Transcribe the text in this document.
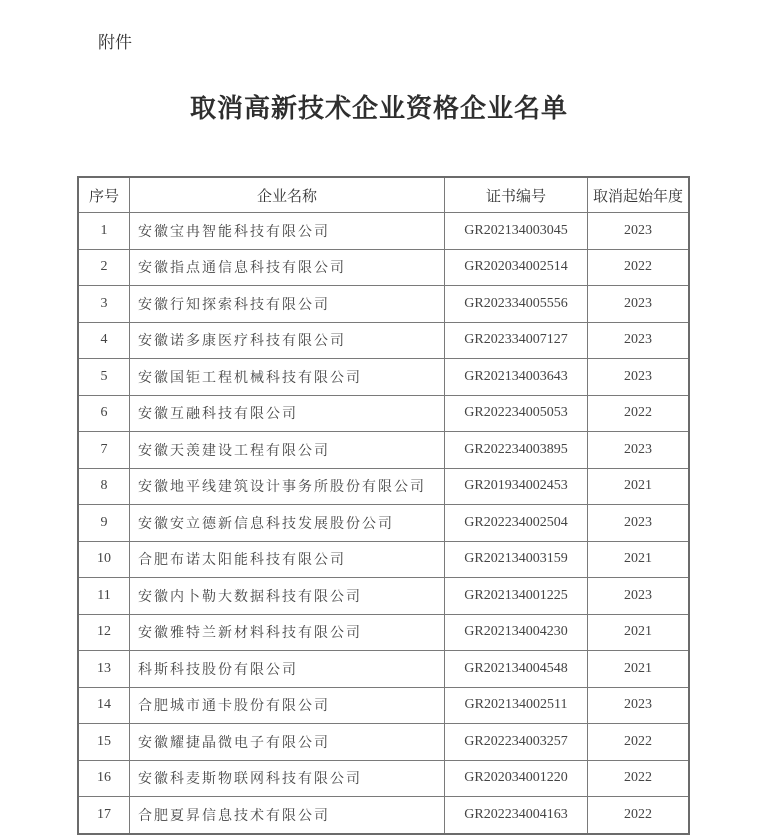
附件
取消高新技术企业资格企业名单
序号	企业名称	证书编号	取消起始年度
1	安徽宝冉智能科技有限公司	GR202134003045	2023
2	安徽指点通信息科技有限公司	GR202034002514	2022
3	安徽行知探索科技有限公司	GR202334005556	2023
4	安徽诺多康医疗科技有限公司	GR202334007127	2023
5	安徽国钜工程机械科技有限公司	GR202134003643	2023
6	安徽互融科技有限公司	GR202234005053	2022
7	安徽天羡建设工程有限公司	GR202234003895	2023
8	安徽地平线建筑设计事务所股份有限公司	GR201934002453	2021
9	安徽安立德新信息科技发展股份公司	GR202234002504	2023
10	合肥布诺太阳能科技有限公司	GR202134003159	2021
11	安徽内卜勒大数据科技有限公司	GR202134001225	2023
12	安徽雅特兰新材料科技有限公司	GR202134004230	2021
13	科斯科技股份有限公司	GR202134004548	2021
14	合肥城市通卡股份有限公司	GR202134002511	2023
15	安徽耀捷晶微电子有限公司	GR202234003257	2022
16	安徽科麦斯物联网科技有限公司	GR202034001220	2022
17	合肥夏昇信息技术有限公司	GR202234004163	2022
